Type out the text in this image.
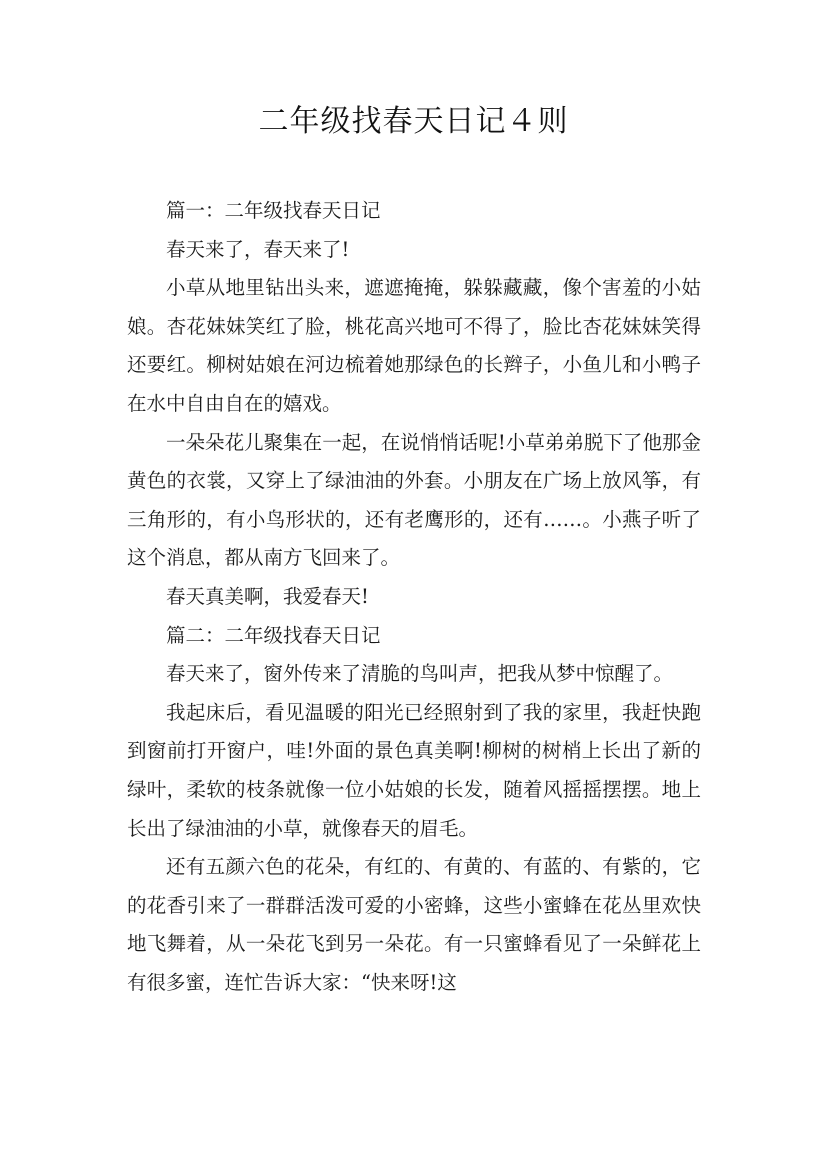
二年级找春天日记４则

篇一：二年级找春天日记

春天来了，春天来了!

小草从地里钻出头来，遮遮掩掩，躲躲藏藏，像个害羞的小姑娘。杏花妹妹笑红了脸，桃花高兴地可不得了，脸比杏花妹妹笑得还要红。柳树姑娘在河边梳着她那绿色的长辫子，小鱼儿和小鸭子在水中自由自在的嬉戏。

一朵朵花儿聚集在一起，在说悄悄话呢!小草弟弟脱下了他那金黄色的衣裳，又穿上了绿油油的外套。小朋友在广场上放风筝，有三角形的，有小鸟形状的，还有老鹰形的，还有……。小燕子听了这个消息，都从南方飞回来了。

春天真美啊，我爱春天!

篇二：二年级找春天日记

春天来了，窗外传来了清脆的鸟叫声，把我从梦中惊醒了。

我起床后，看见温暖的阳光已经照射到了我的家里，我赶快跑到窗前打开窗户，哇!外面的景色真美啊!柳树的树梢上长出了新的绿叶，柔软的枝条就像一位小姑娘的长发，随着风摇摇摆摆。地上长出了绿油油的小草，就像春天的眉毛。

还有五颜六色的花朵，有红的、有黄的、有蓝的、有紫的，它的花香引来了一群群活泼可爱的小密蜂，这些小蜜蜂在花丛里欢快地飞舞着，从一朵花飞到另一朵花。有一只蜜蜂看见了一朵鲜花上有很多蜜，连忙告诉大家：“快来呀!这
